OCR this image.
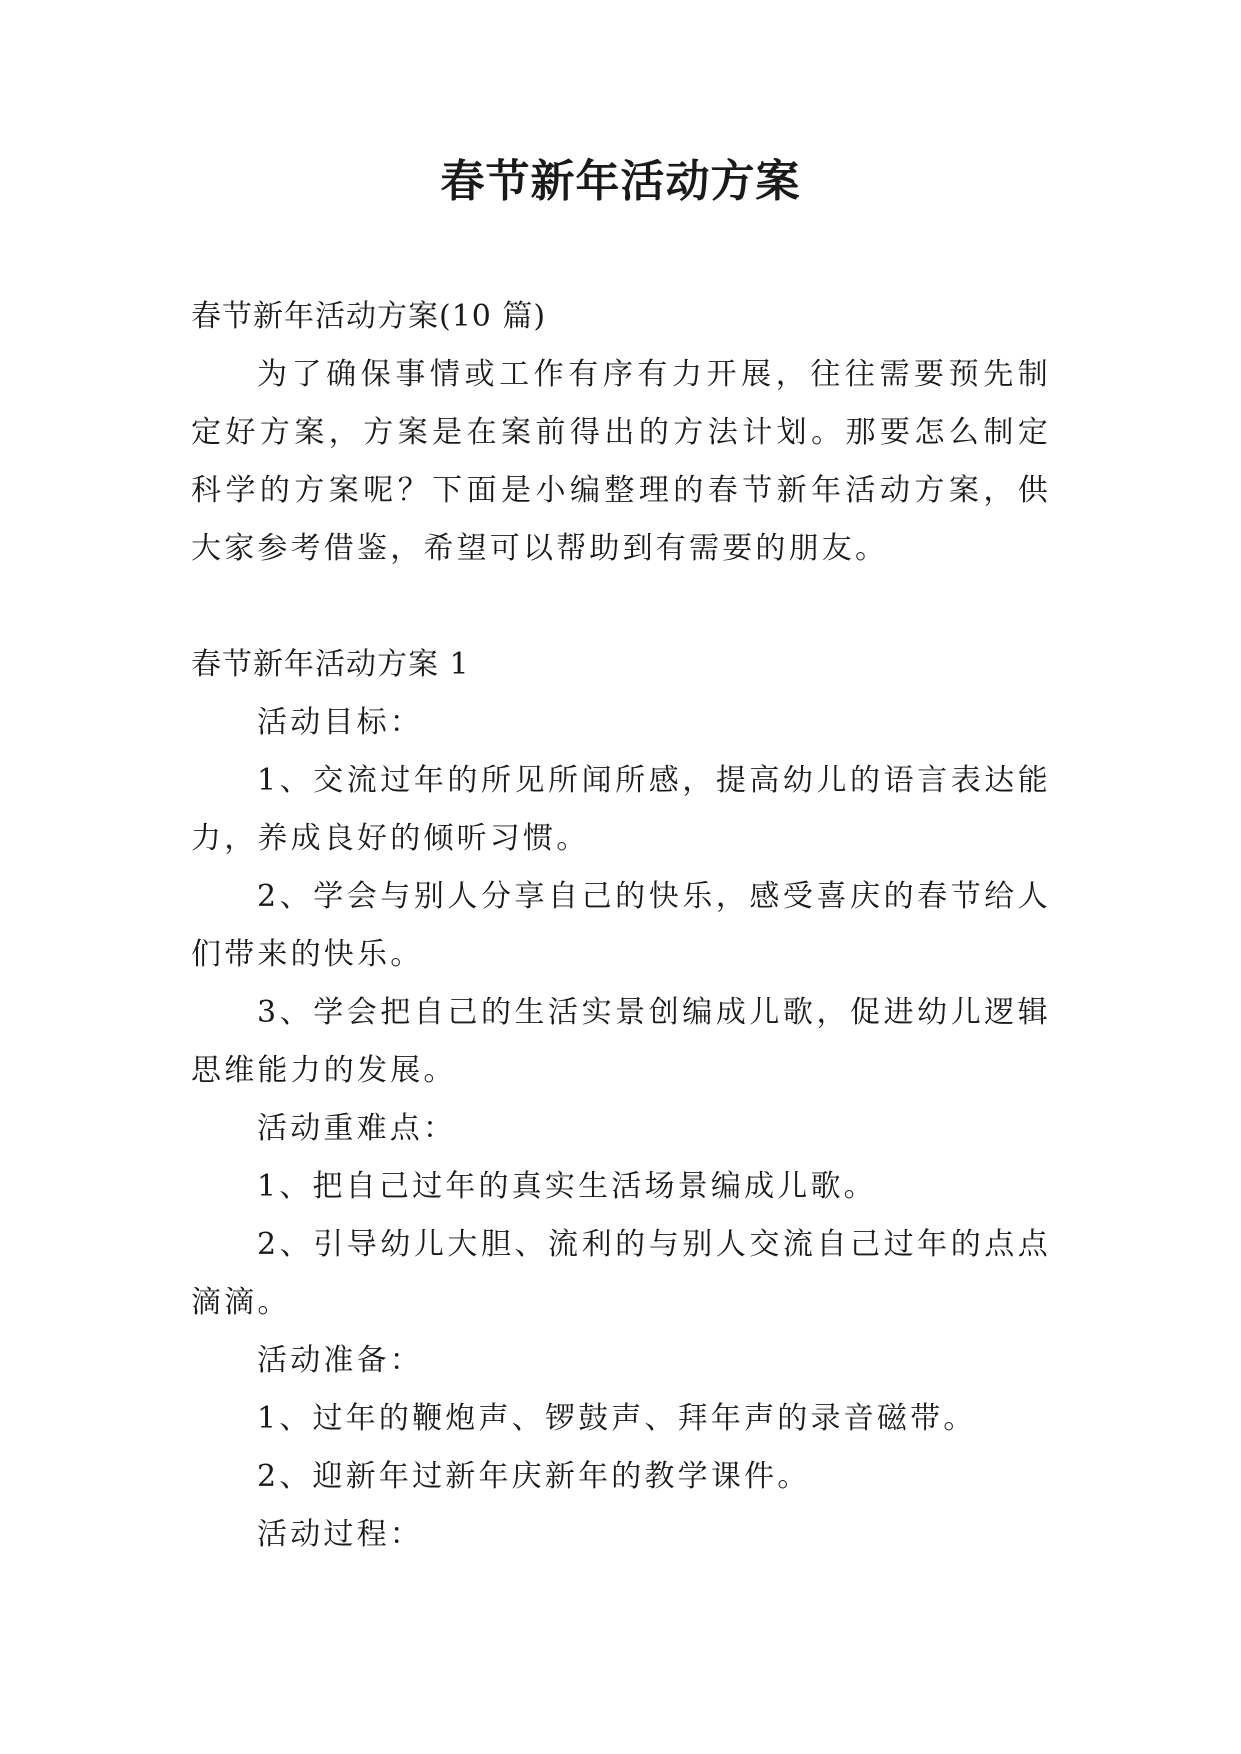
春节新年活动方案

春节新年活动方案(10 篇)

为了确保事情或工作有序有力开展，往往需要预先制定好方案，方案是在案前得出的方法计划。那要怎么制定科学的方案呢？下面是小编整理的春节新年活动方案，供大家参考借鉴，希望可以帮助到有需要的朋友。

春节新年活动方案 1

活动目标：

1、交流过年的所见所闻所感，提高幼儿的语言表达能力，养成良好的倾听习惯。

2、学会与别人分享自己的快乐，感受喜庆的春节给人们带来的快乐。

3、学会把自己的生活实景创编成儿歌，促进幼儿逻辑思维能力的发展。

活动重难点：

1、把自己过年的真实生活场景编成儿歌。

2、引导幼儿大胆、流利的与别人交流自己过年的点点滴滴。

活动准备：

1、过年的鞭炮声、锣鼓声、拜年声的录音磁带。

2、迎新年过新年庆新年的教学课件。

活动过程：
